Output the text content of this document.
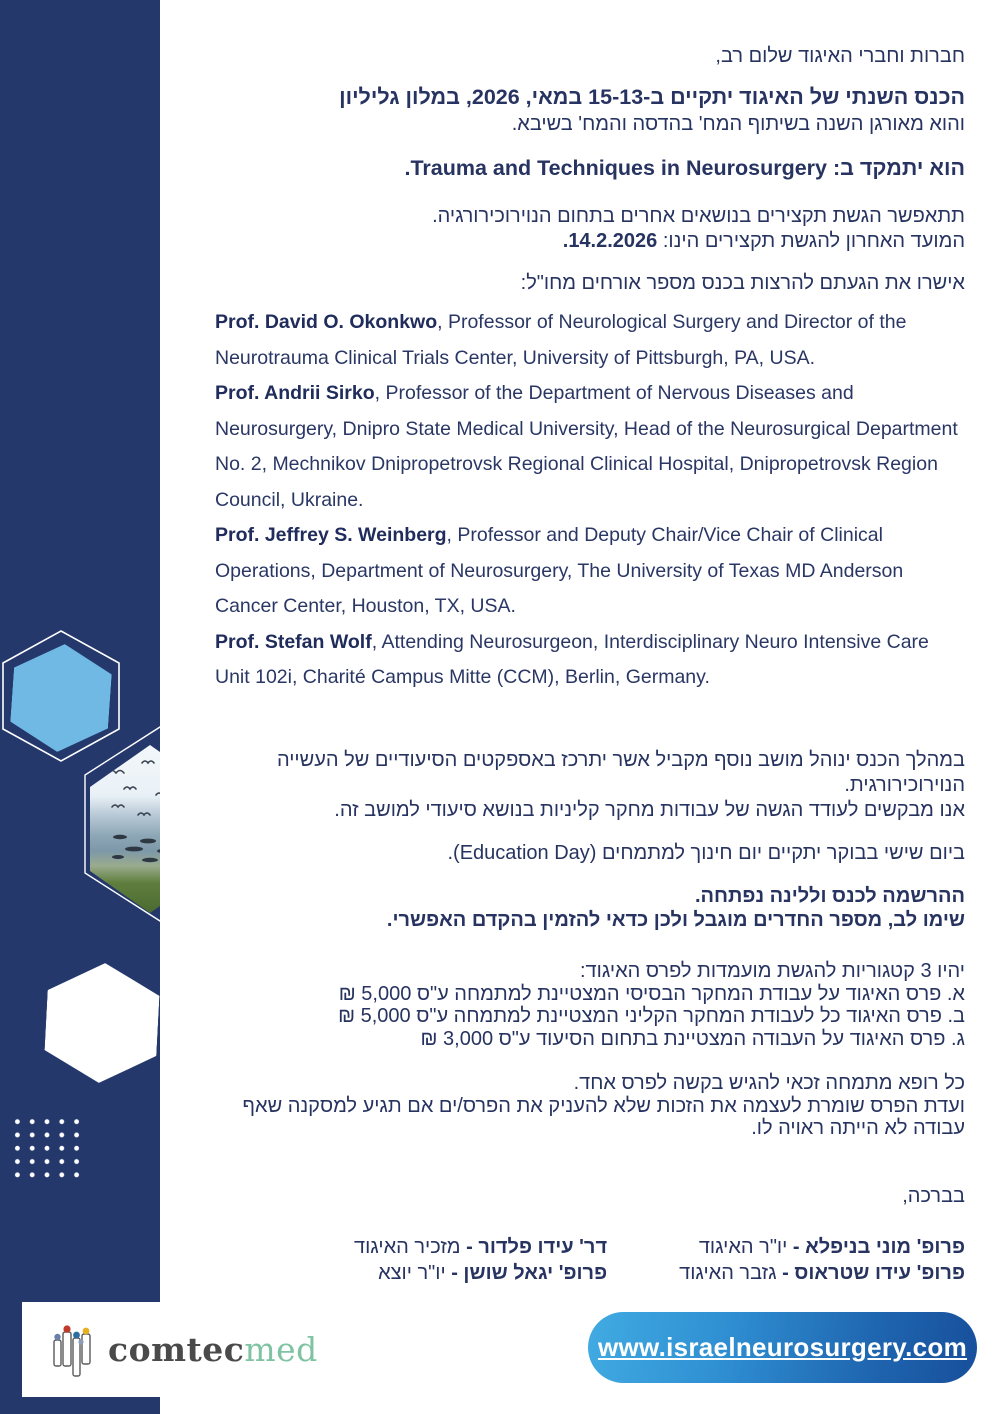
חברות וחברי האיגוד שלום רב,

הכנס השנתי של האיגוד יתקיים ב-13‏-15 במאי, 2026, במלון גליליון
והוא מאורגן השנה בשיתוף המח' בהדסה והמח' בשיבא.

הוא יתמקד ב: Trauma and Techniques in Neurosurgery.

תתאפשר הגשת תקצירים בנושאים אחרים בתחום הנוירוכירורגיה.
המועד האחרון להגשת תקצירים הינו: 14.2.2026.

אישרו את הגעתם להרצות בכנס מספר אורחים מחו"ל:

Prof. David O. Okonkwo, Professor of Neurological Surgery and Director of the Neurotrauma Clinical Trials Center, University of Pittsburgh, PA, USA.

Prof. Andrii Sirko, Professor of the Department of Nervous Diseases and Neurosurgery, Dnipro State Medical University, Head of the Neurosurgical Department No. 2, Mechnikov Dnipropetrovsk Regional Clinical Hospital, Dnipropetrovsk Region Council, Ukraine.

Prof. Jeffrey S. Weinberg, Professor and Deputy Chair/Vice Chair of Clinical Operations, Department of Neurosurgery, The University of Texas MD Anderson Cancer Center, Houston, TX, USA.

Prof. Stefan Wolf, Attending Neurosurgeon, Interdisciplinary Neuro Intensive Care Unit 102i, Charité Campus Mitte (CCM), Berlin, Germany.

במהלך הכנס ינוהל מושב נוסף מקביל אשר יתרכז באספקטים הסיעודיים של העשייה הנוירוכירורגית.
אנו מבקשים לעודד הגשה של עבודות מחקר קליניות בנושא סיעודי למושב זה.

ביום שישי בבוקר יתקיים יום חינוך למתמחים (Education Day).

ההרשמה לכנס וללינה נפתחה.
שימו לב, מספר החדרים מוגבל ולכן כדאי להזמין בהקדם האפשרי.
יהיו 3 קטגוריות להגשת מועמדות לפרס האיגוד:
א. פרס האיגוד על עבודת המחקר הבסיסי המצטיינת למתמחה ע"ס 5,000 ₪
ב. פרס האיגוד כל לעבודת המחקר הקליני המצטיינת למתמחה ע"ס 5,000 ₪
ג. פרס האיגוד על העבודה המצטיינת בתחום הסיעוד ע"ס 3,000 ₪
כל רופא מתמחה זכאי להגיש בקשה לפרס אחד.
ועדת הפרס שומרת לעצמה את הזכות שלא להעניק את הפרס/ים אם תגיע למסקנה שאף עבודה לא הייתה ראויה לו.

בברכה,

פרופ' מוני בניפלא - יו"ר האיגוד
פרופ' עידו שטראוס - גזבר האיגוד
דר' עידו פלדור - מזכיר האיגוד
פרופ' יגאל שושן - יו"ר יוצא
comtecmed	www.israelneurosurgery.com
